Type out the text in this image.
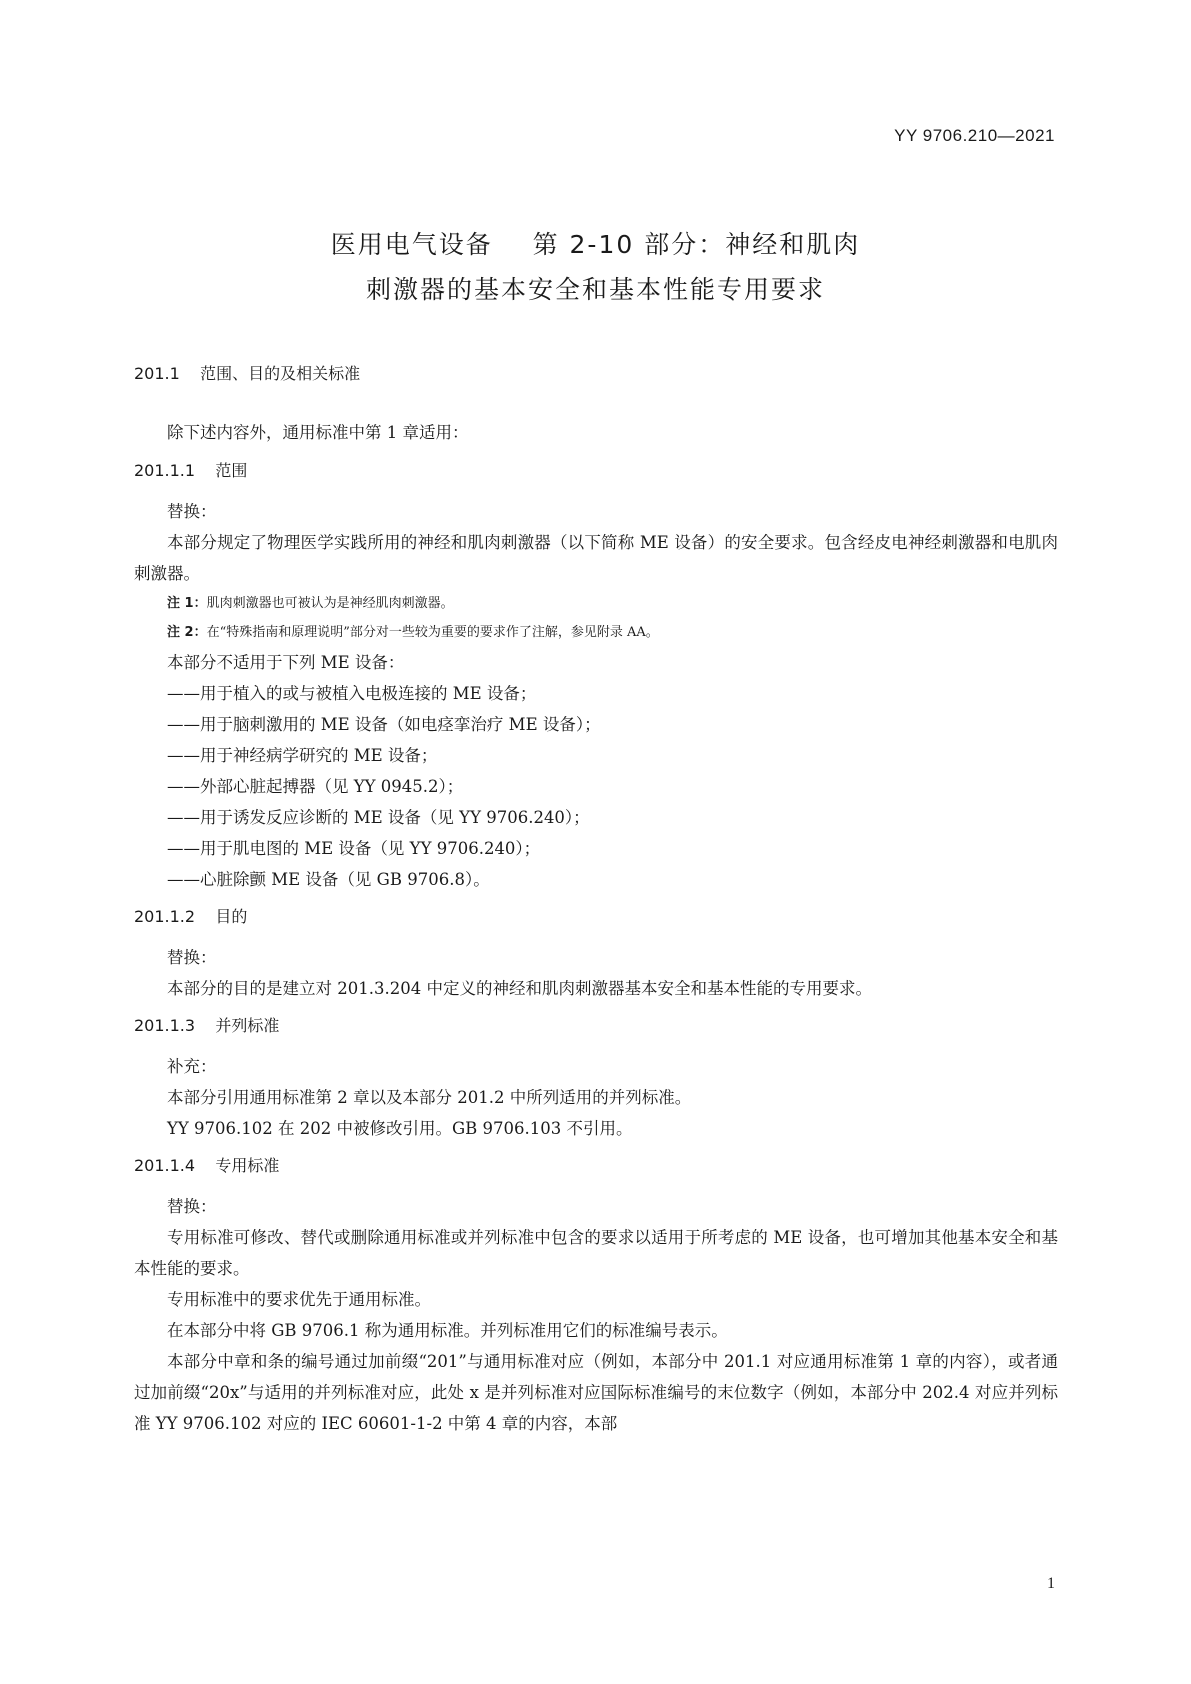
YY 9706.210—2021
医用电气设备    第 2-10 部分：神经和肌肉
刺激器的基本安全和基本性能专用要求
201.1    范围、目的及相关标准
除下述内容外，通用标准中第 1 章适用：
201.1.1    范围
替换：
本部分规定了物理医学实践所用的神经和肌肉刺激器（以下简称 ME 设备）的安全要求。包含经皮电神经刺激器和电肌肉刺激器。
注 1：肌肉刺激器也可被认为是神经肌肉刺激器。
注 2：在“特殊指南和原理说明”部分对一些较为重要的要求作了注解，参见附录 AA。
本部分不适用于下列 ME 设备：
——用于植入的或与被植入电极连接的 ME 设备；
——用于脑刺激用的 ME 设备（如电痉挛治疗 ME 设备）；
——用于神经病学研究的 ME 设备；
——外部心脏起搏器（见 YY 0945.2）；
——用于诱发反应诊断的 ME 设备（见 YY 9706.240）；
——用于肌电图的 ME 设备（见 YY 9706.240）；
——心脏除颤 ME 设备（见 GB 9706.8）。
201.1.2    目的
替换：
本部分的目的是建立对 201.3.204 中定义的神经和肌肉刺激器基本安全和基本性能的专用要求。
201.1.3    并列标准
补充：
本部分引用通用标准第 2 章以及本部分 201.2 中所列适用的并列标准。
YY 9706.102 在 202 中被修改引用。GB 9706.103 不引用。
201.1.4    专用标准
替换：
专用标准可修改、替代或删除通用标准或并列标准中包含的要求以适用于所考虑的 ME 设备，也可增加其他基本安全和基本性能的要求。
专用标准中的要求优先于通用标准。
在本部分中将 GB 9706.1 称为通用标准。并列标准用它们的标准编号表示。
本部分中章和条的编号通过加前缀“201”与通用标准对应（例如，本部分中 201.1 对应通用标准第 1 章的内容），或者通过加前缀“20x”与适用的并列标准对应，此处 x 是并列标准对应国际标准编号的末位数字（例如，本部分中 202.4 对应并列标准 YY 9706.102 对应的 IEC 60601-1-2 中第 4 章的内容，本部
1
